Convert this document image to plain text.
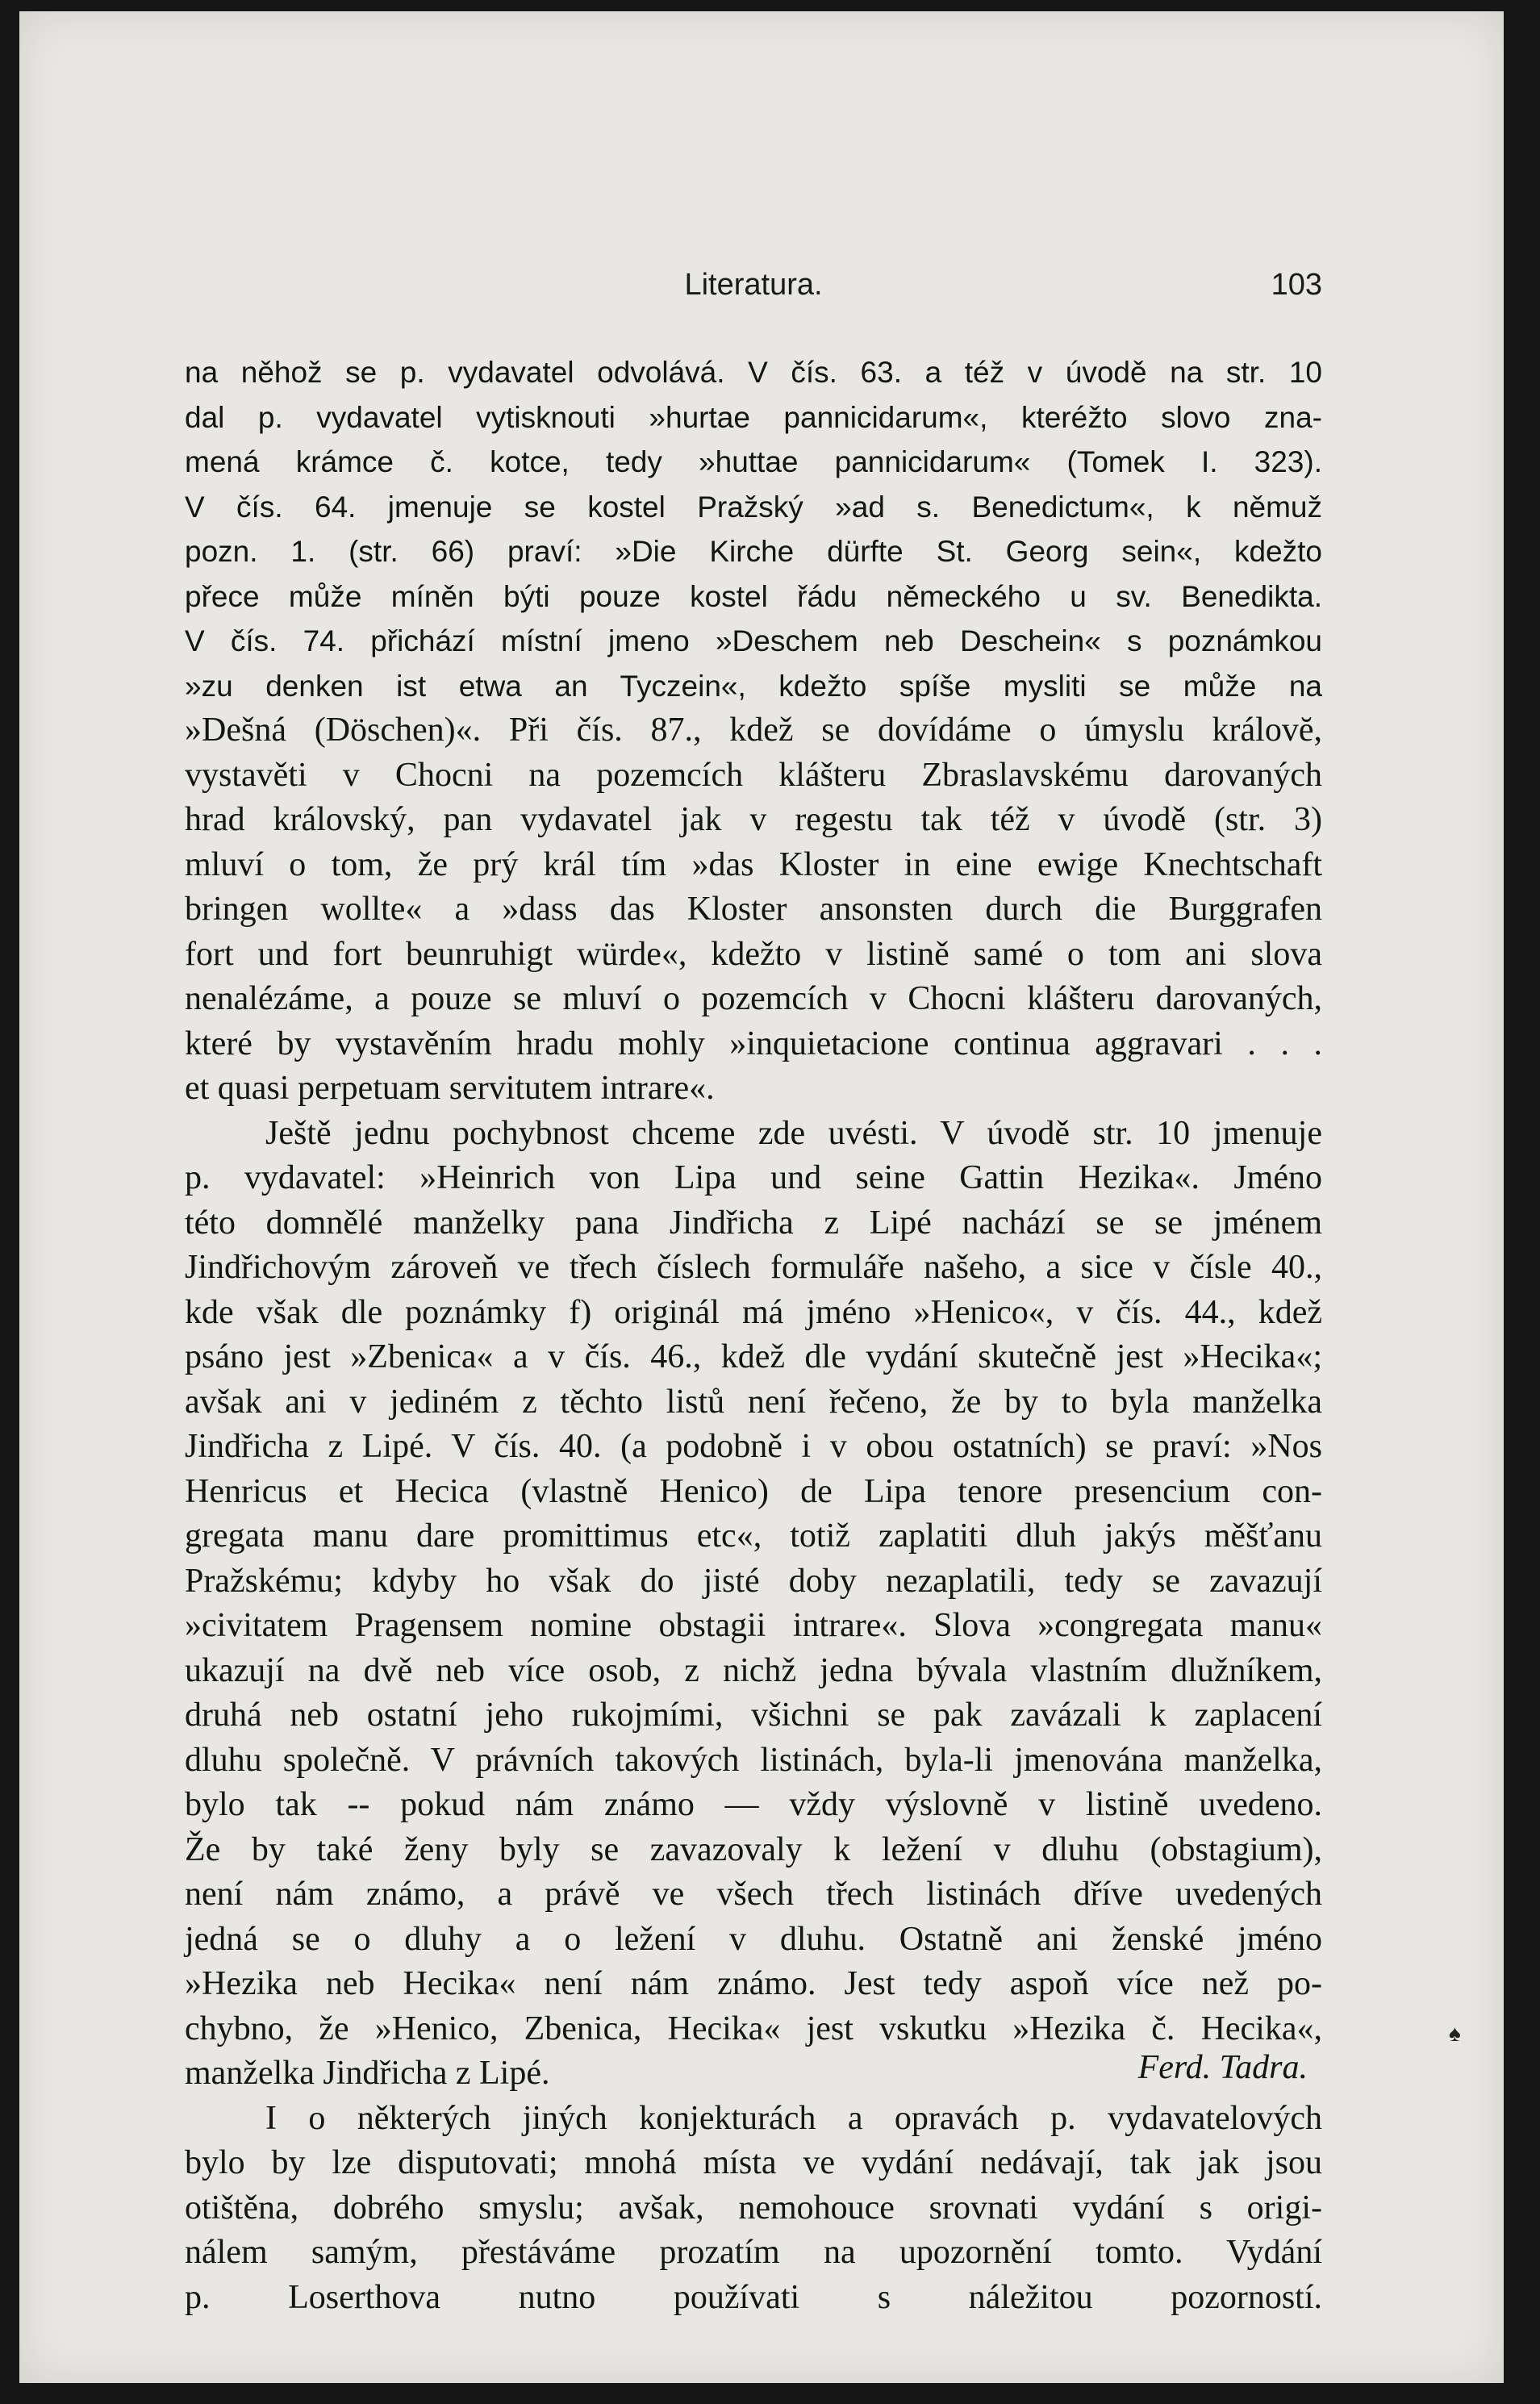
Literatura.	103
na něhož se p. vydavatel odvolává. V čís. 63. a též v úvodě na str. 10
dal p. vydavatel vytisknouti »hurtae pannicidarum«, kteréžto slovo zna-
mená krámce č. kotce, tedy »huttae pannicidarum« (Tomek I. 323).
V čís. 64. jmenuje se kostel Pražský »ad s. Benedictum«, k němuž
pozn. 1. (str. 66) praví: »Die Kirche dürfte St. Georg sein«, kdežto
přece může míněn býti pouze kostel řádu německého u sv. Benedikta.
V čís. 74. přichází místní jmeno »Deschem neb Deschein« s poznámkou
»zu denken ist etwa an Tyczein«, kdežto spíše mysliti se může na
»Dešná (Döschen)«. Při čís. 87., kdež se dovídáme o úmyslu královĕ,
vystavěti v Chocni na pozemcích klášteru Zbraslavskému darovaných
hrad královský, pan vydavatel jak v regestu tak též v úvodě (str. 3)
mluví o tom, že prý král tím »das Kloster in eine ewige Knechtschaft
bringen wollte« a »dass das Kloster ansonsten durch die Burggrafen
fort und fort beunruhigt würde«, kdežto v listině samé o tom ani slova
nenalézáme, a pouze se mluví o pozemcích v Chocni klášteru darovaných,
které by vystavěním hradu mohly »inquietacione continua aggravari . . .
et quasi perpetuam servitutem intrare«.
Ještě jednu pochybnost chceme zde uvésti. V úvodě str. 10 jmenuje
p. vydavatel: »Heinrich von Lipa und seine Gattin Hezika«. Jméno
této domnělé manželky pana Jindřicha z Lipé nachází se se jménem
Jindřichovým zároveň ve třech číslech formuláře našeho, a sice v čísle 40.,
kde však dle poznámky f) originál má jméno »Henico«, v čís. 44., kdež
psáno jest »Zbenica« a v čís. 46., kdež dle vydání skutečně jest »Hecika«;
avšak ani v jediném z těchto listů není řečeno, že by to byla manželka
Jindřicha z Lipé. V čís. 40. (a podobně i v obou ostatních) se praví: »Nos
Henricus et Hecica (vlastně Henico) de Lipa tenore presencium con-
gregata manu dare promittimus etc«, totiž zaplatiti dluh jakýs měšťanu
Pražskému; kdyby ho však do jisté doby nezaplatili, tedy se zavazují
»civitatem Pragensem nomine obstagii intrare«. Slova »congregata manu«
ukazují na dvě neb více osob, z nichž jedna bývala vlastním dlužníkem,
druhá neb ostatní jeho rukojmími, všichni se pak zavázali k zaplacení
dluhu společně. V právních takových listinách, byla-li jmenována manželka,
bylo tak -- pokud nám známo — vždy výslovně v listině uvedeno.
Že by také ženy byly se zavazovaly k ležení v dluhu (obstagium),
není nám známo, a právě ve všech třech listinách dříve uvedených
jedná se o dluhy a o ležení v dluhu. Ostatně ani ženské jméno
»Hezika neb Hecika« není nám známo. Jest tedy aspoň více než po-
chybno, že »Henico, Zbenica, Hecika« jest vskutku »Hezika č. Hecika«,
manželka Jindřicha z Lipé.
I o některých jiných konjekturách a opravách p. vydavatelových
bylo by lze disputovati; mnohá místa ve vydání nedávají, tak jak jsou
otištěna, dobrého smyslu; avšak, nemohouce srovnati vydání s origi-
nálem samým, přestáváme prozatím na upozornění tomto. Vydání
p. Loserthova nutno používati s náležitou pozorností.
Ferd. Tadra.
♠
